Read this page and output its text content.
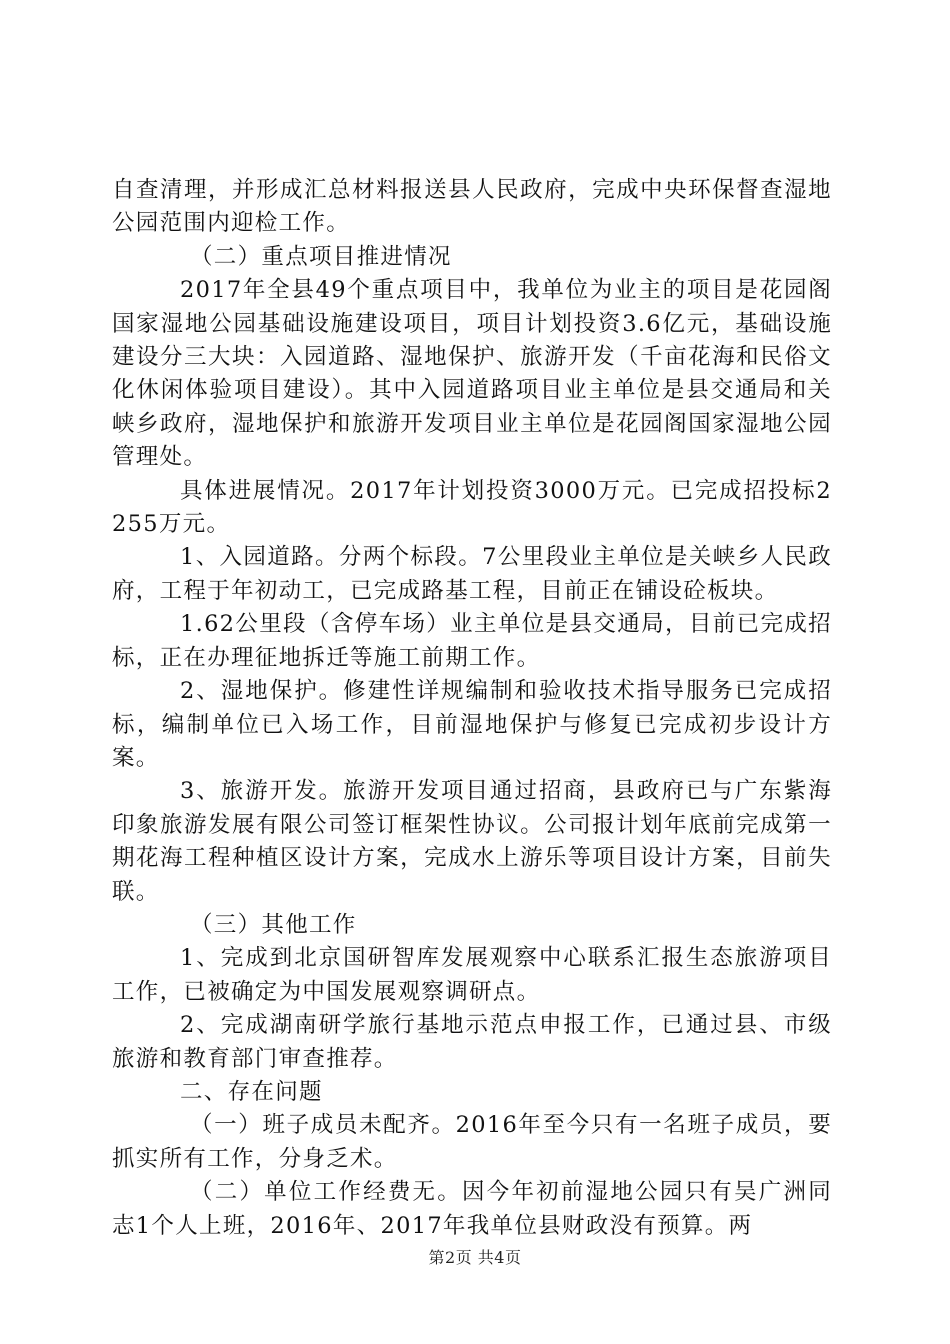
自查清理，并形成汇总材料报送县人民政府，完成中央环保督查湿地公园范围内迎检工作。

（二）重点项目推进情况

2017年全县49个重点项目中，我单位为业主的项目是花园阁国家湿地公园基础设施建设项目，项目计划投资3.6亿元，基础设施建设分三大块：入园道路、湿地保护、旅游开发（千亩花海和民俗文化休闲体验项目建设）。其中入园道路项目业主单位是县交通局和关峡乡政府，湿地保护和旅游开发项目业主单位是花园阁国家湿地公园管理处。

具体进展情况。2017年计划投资3000万元。已完成招投标2255万元。

1、入园道路。分两个标段。7公里段业主单位是关峡乡人民政府，工程于年初动工，已完成路基工程，目前正在铺设砼板块。

1.62公里段（含停车场）业主单位是县交通局，目前已完成招标，正在办理征地拆迁等施工前期工作。

2、湿地保护。修建性详规编制和验收技术指导服务已完成招标，编制单位已入场工作，目前湿地保护与修复已完成初步设计方案。

3、旅游开发。旅游开发项目通过招商，县政府已与广东紫海印象旅游发展有限公司签订框架性协议。公司报计划年底前完成第一期花海工程种植区设计方案，完成水上游乐等项目设计方案，目前失联。

（三）其他工作

1、完成到北京国研智库发展观察中心联系汇报生态旅游项目工作，已被确定为中国发展观察调研点。

2、完成湖南研学旅行基地示范点申报工作，已通过县、市级旅游和教育部门审查推荐。

二、存在问题

（一）班子成员未配齐。2016年至今只有一名班子成员，要抓实所有工作，分身乏术。

（二）单位工作经费无。因今年初前湿地公园只有吴广洲同志1个人上班，2016年、2017年我单位县财政没有预算。两

第2页 共4页
